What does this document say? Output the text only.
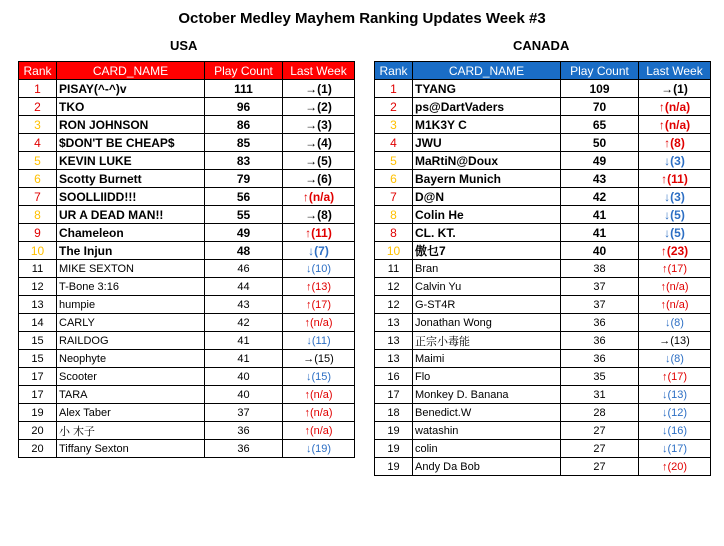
October Medley Mayhem Ranking Updates Week #3
USA	CANADA
Rank	CARD_NAME	Play Count	Last Week
1	PISAY(^-^)v	111	→(1)
2	TKO	96	→(2)
3	RON JOHNSON	86	→(3)
4	$DON'T BE CHEAP$	85	→(4)
5	KEVIN LUKE	83	→(5)
6	Scotty Burnett	79	→(6)
7	SOOLLIIDD!!!	56	↑(n/a)
8	UR A DEAD MAN!!	55	→(8)
9	Chameleon	49	↑(11)
10	The Injun	48	↓(7)
11	MIKE SEXTON	46	↓(10)
12	T-Bone 3:16	44	↑(13)
13	humpie	43	↑(17)
14	CARLY	42	↑(n/a)
15	RAILDOG	41	↓(11)
15	Neophyte	41	→(15)
17	Scooter	40	↓(15)
17	TARA	40	↑(n/a)
19	Alex Taber	37	↑(n/a)
20	小 木子	36	↑(n/a)
20	Tiffany Sexton	36	↓(19)
Rank	CARD_NAME	Play Count	Last Week
1	TYANG	109	→(1)
2	ps@DartVaders	70	↑(n/a)
3	M1K3Y C	65	↑(n/a)
4	JWU	50	↑(8)
5	MaRtiN@Doux	49	↓(3)
6	Bayern Munich	43	↑(11)
7	D@N	42	↓(3)
8	Colin He	41	↓(5)
8	CL. KT.	41	↓(5)
10	傲乜7	40	↑(23)
11	Bran	38	↑(17)
12	Calvin Yu	37	↑(n/a)
12	G-ST4R	37	↑(n/a)
13	Jonathan Wong	36	↓(8)
13	正宗小毒能	36	→(13)
13	Maimi	36	↓(8)
16	Flo	35	↑(17)
17	Monkey D. Banana	31	↓(13)
18	Benedict.W	28	↓(12)
19	watashin	27	↓(16)
19	colin	27	↓(17)
19	Andy Da Bob	27	↑(20)
